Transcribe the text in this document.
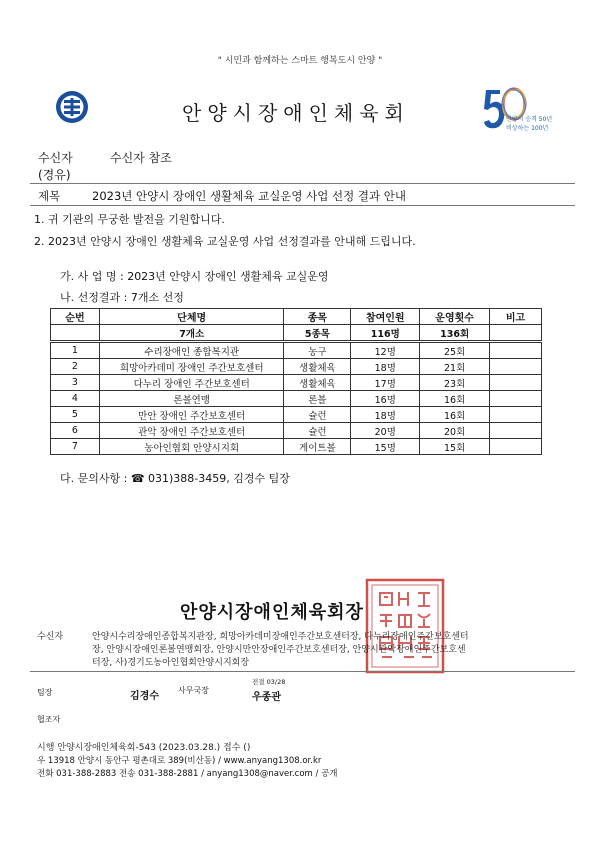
" 시민과 함께하는 스마트 행복도시 안양 "
안양시장애인체육회	안양시 승격 50년
비상하는 100년
수신자	수신자 참조
(경유)
제목	2023년 안양시 장애인 생활체육 교실운영 사업 선정 결과 안내
1. 귀 기관의 무궁한 발전을 기원합니다.
2. 2023년 안양시 장애인 생활체육 교실운영 사업 선정결과를 안내해 드립니다.
가. 사 업 명 : 2023년 안양시 장애인 생활체육 교실운영
나. 선정결과 : 7개소 선정
순번	단체명	종목	참여인원	운영횟수	비고
	7개소	5종목	116명	136회	
1	수리장애인 종합복지관	농구	12명	25회	
2	희망아카데미 장애인 주간보호센터	생활체육	18명	21회	
3	다누리 장애인 주간보호센터	생활체육	17명	23회	
4	론볼연맹	론볼	16명	16회	
5	만안 장애인 주간보호센터	슐런	18명	16회	
6	관악 장애인 주간보호센터	슐런	20명	20회	
7	농아인협회 안양시지회	게이트볼	15명	15회	
다. 문의사항 : ☎ 031)388-3459, 김경수 팀장
안양시장애인체육회장
수신자	안양시수리장애인종합복지관장, 희망아카데미장애인주간보호센터장, 다누리장애인주간보호센터
장, 안양시장애인론볼연맹회장, 안양시만안장애인주간보호센터장, 안양시관악장애인주간보호센
터장, 사)경기도농아인협회안양시지회장
팀장	김경수
사무국장
전결 03/28
우종관
협조자
시행 안양시장애인체육회-543 (2023.03.28.) 접수 ()
우 13918 안양시 동안구 평촌대로 389(비산동) / www.anyang1308.or.kr
전화 031-388-2883 전송 031-388-2881 / anyang1308@naver.com / 공개
